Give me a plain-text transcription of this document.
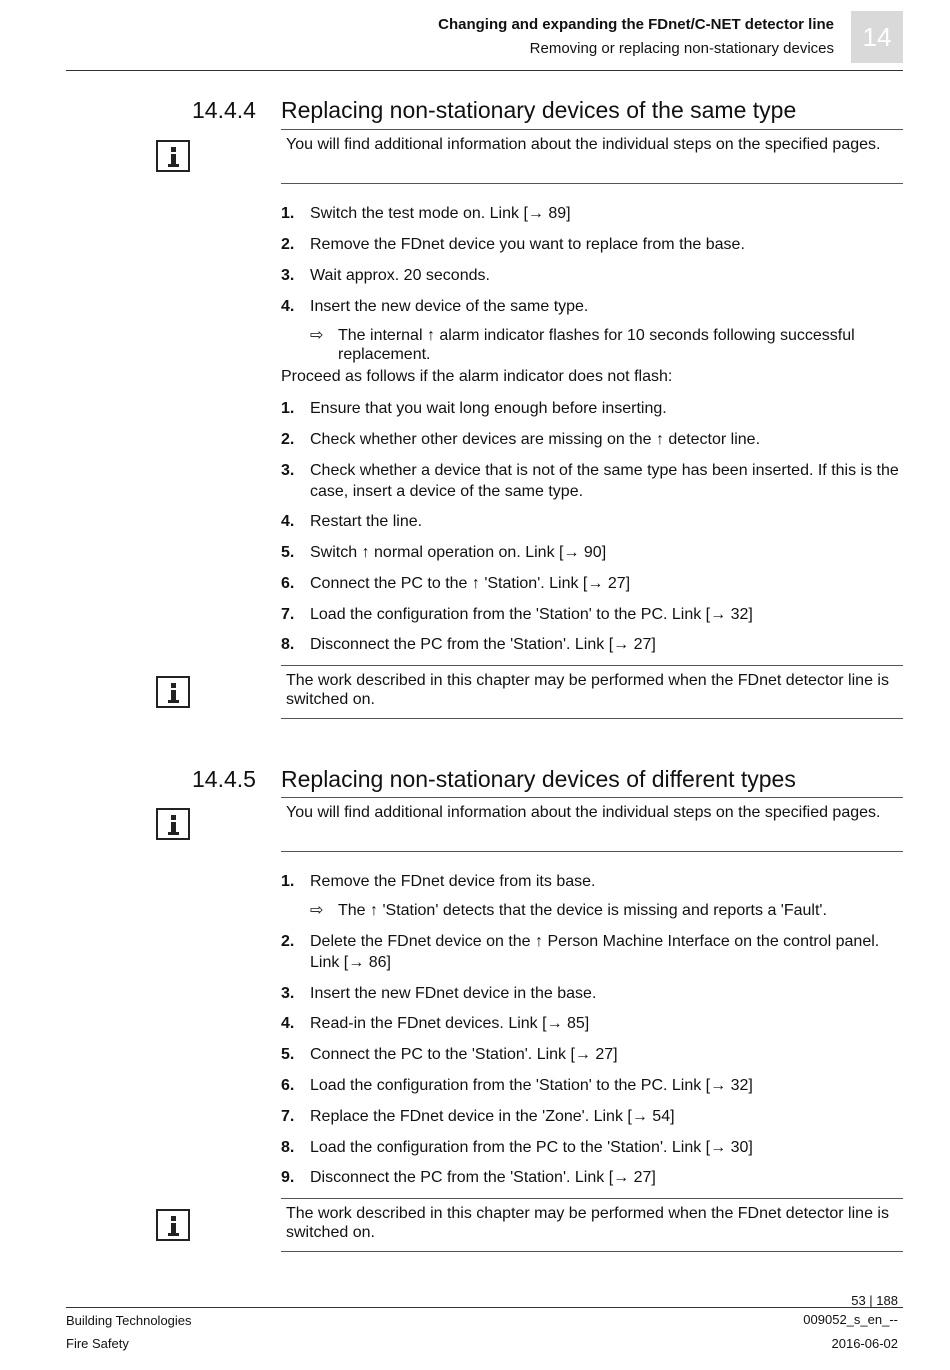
Changing and expanding the FDnet/C-NET detector line
Removing or replacing non-stationary devices	14
14.4.4 Replacing non-stationary devices of the same type
You will find additional information about the individual steps on the specified pages.
1. Switch the test mode on. Link [→ 89]
2. Remove the FDnet device you want to replace from the base.
3. Wait approx. 20 seconds.
4. Insert the new device of the same type.
⇨ The internal ↑ alarm indicator flashes for 10 seconds following successful replacement.
Proceed as follows if the alarm indicator does not flash:
1. Ensure that you wait long enough before inserting.
2. Check whether other devices are missing on the ↑ detector line.
3. Check whether a device that is not of the same type has been inserted. If this is the case, insert a device of the same type.
4. Restart the line.
5. Switch ↑ normal operation on. Link [→ 90]
6. Connect the PC to the ↑ 'Station'. Link [→ 27]
7. Load the configuration from the 'Station' to the PC. Link [→ 32]
8. Disconnect the PC from the 'Station'. Link [→ 27]
The work described in this chapter may be performed when the FDnet detector line is switched on.
14.4.5 Replacing non-stationary devices of different types
You will find additional information about the individual steps on the specified pages.
1. Remove the FDnet device from its base.
⇨ The ↑ 'Station' detects that the device is missing and reports a 'Fault'.
2. Delete the FDnet device on the ↑ Person Machine Interface on the control panel. Link [→ 86]
3. Insert the new FDnet device in the base.
4. Read-in the FDnet devices. Link [→ 85]
5. Connect the PC to the 'Station'. Link [→ 27]
6. Load the configuration from the 'Station' to the PC. Link [→ 32]
7. Replace the FDnet device in the 'Zone'. Link [→ 54]
8. Load the configuration from the PC to the 'Station'. Link [→ 30]
9. Disconnect the PC from the 'Station'. Link [→ 27]
The work described in this chapter may be performed when the FDnet detector line is switched on.
53 | 188
Building Technologies
Fire Safety
009052_s_en_--
2016-06-02
